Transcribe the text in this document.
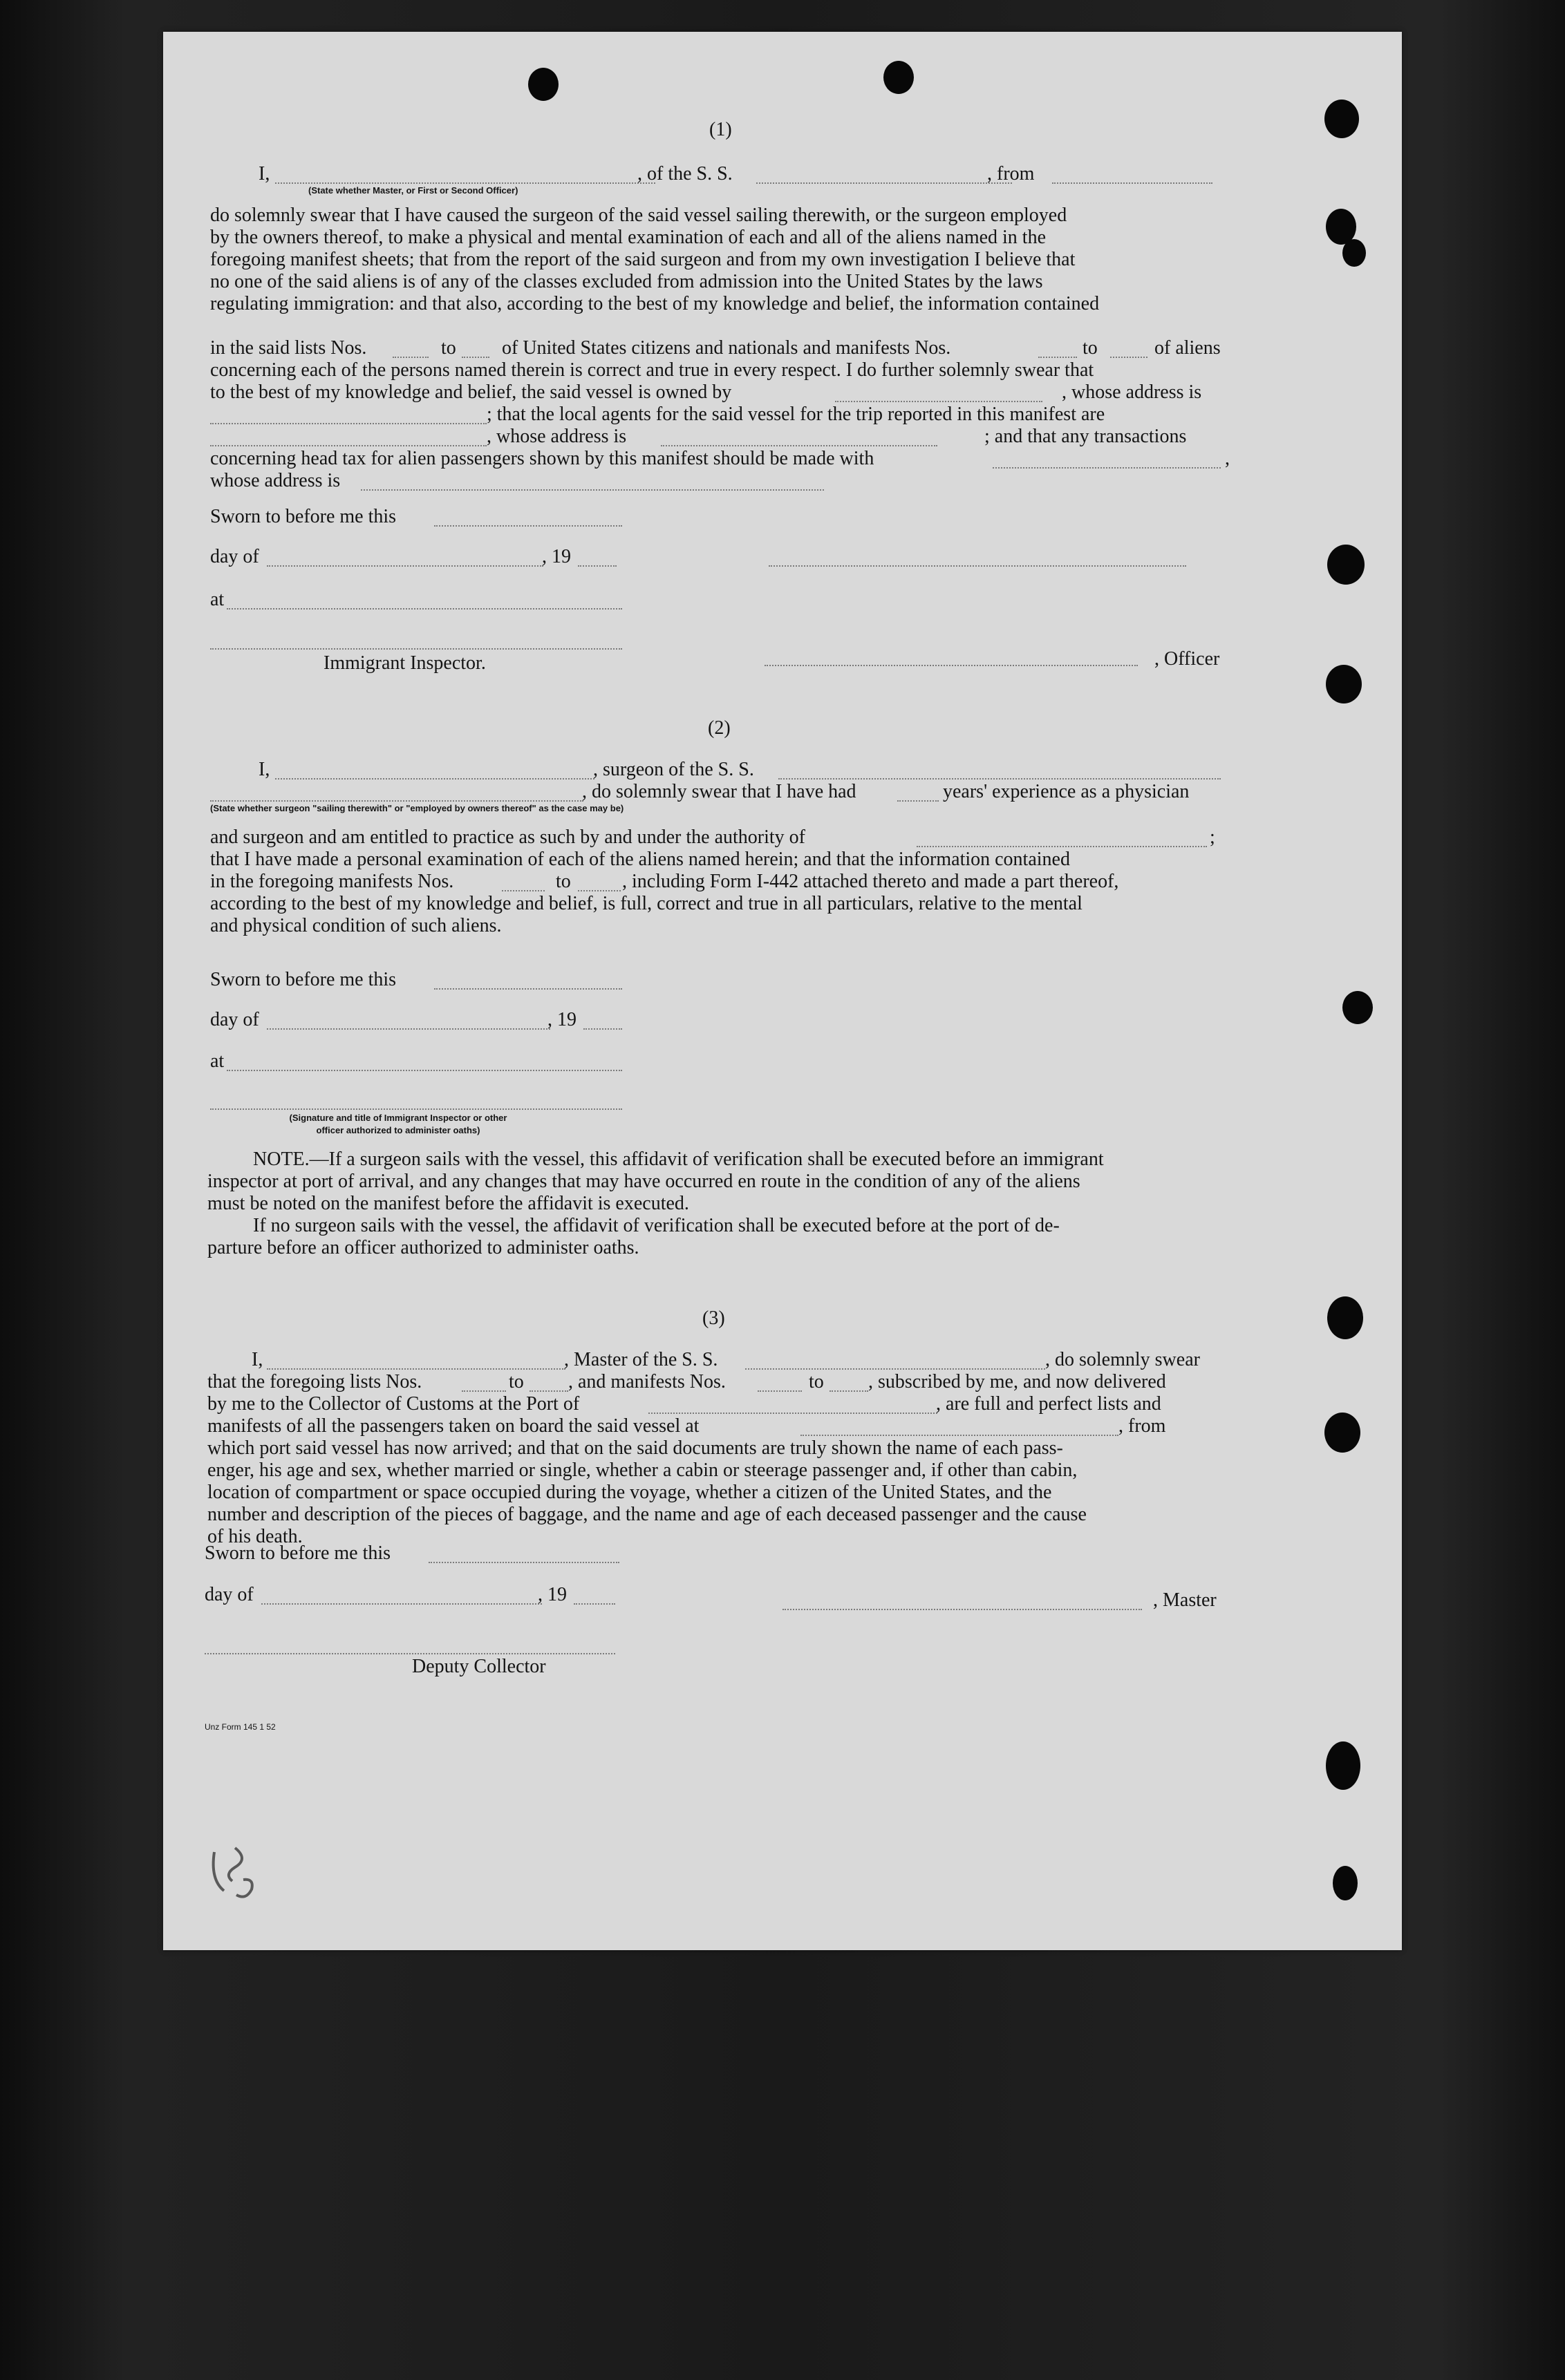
(1)
I,	, of the S. S.	, from
(State whether Master, or First or Second Officer)
do solemnly swear that I have caused the surgeon of the said vessel sailing therewith, or the surgeon employed
by the owners thereof, to make a physical and mental examination of each and all of the aliens named in the
foregoing manifest sheets; that from the report of the said surgeon and from my own investigation I believe that
no one of the said aliens is of any of the classes excluded from admission into the United States by the laws
regulating immigration: and that also, according to the best of my knowledge and belief, the information contained
in the said lists Nos.	to of United States citizens and nationals and manifests Nos.	to	of aliens
concerning each of the persons named therein is correct and true in every respect. I do further solemnly swear that
to the best of my knowledge and belief, the said vessel is owned by	, whose address is
; that the local agents for the said vessel for the trip reported in this manifest are
, whose address is	; and that any transactions
concerning head tax for alien passengers shown by this manifest should be made with	,
whose address is
Sworn to before me this
day of	, 19
at
Immigrant Inspector.	, Officer
(2)
I,	, surgeon of the S. S.
, do solemnly swear that I have had	years' experience as a physician
(State whether surgeon "sailing therewith" or "employed by owners thereof" as the case may be)
and surgeon and am entitled to practice as such by and under the authority of	;
that I have made a personal examination of each of the aliens named herein; and that the information contained
in the foregoing manifests Nos.	to	, including Form I-442 attached thereto and made a part thereof,
according to the best of my knowledge and belief, is full, correct and true in all particulars, relative to the mental
and physical condition of such aliens.
Sworn to before me this
day of	, 19
at
(Signature and title of Immigrant Inspector or other
officer authorized to administer oaths)
NOTE.—If a surgeon sails with the vessel, this affidavit of verification shall be executed before an immigrant
inspector at port of arrival, and any changes that may have occurred en route in the condition of any of the aliens
must be noted on the manifest before the affidavit is executed.
If no surgeon sails with the vessel, the affidavit of verification shall be executed before at the port of de-
parture before an officer authorized to administer oaths.
(3)
I,	, Master of the S. S.	, do solemnly swear
that the foregoing lists Nos.	to , and manifests Nos.	to , subscribed by me, and now delivered
by me to the Collector of Customs at the Port of	, are full and perfect lists and
manifests of all the passengers taken on board the said vessel at	, from
which port said vessel has now arrived; and that on the said documents are truly shown the name of each pass-
enger, his age and sex, whether married or single, whether a cabin or steerage passenger and, if other than cabin,
location of compartment or space occupied during the voyage, whether a citizen of the United States, and the
number and description of the pieces of baggage, and the name and age of each deceased passenger and the cause
of his death.
Sworn to before me this
day of	, 19	, Master
Deputy Collector
Unz Form 145 1 52
